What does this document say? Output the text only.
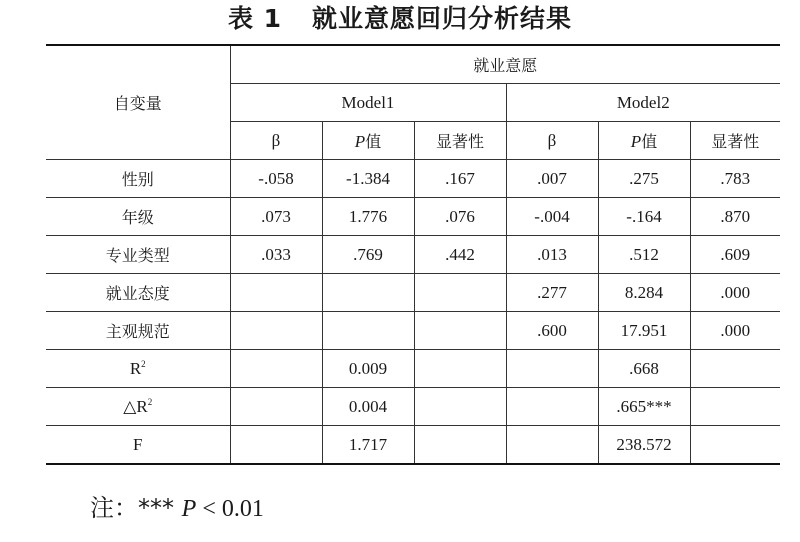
表 1 就业意愿回归分析结果
自变量	就业意愿					
	Model1			Model2		
	β	P值	显著性	β	P值	显著性
性别	-.058	-1.384	.167	.007	.275	.783
年级	.073	1.776	.076	-.004	-.164	.870
专业类型	.033	.769	.442	.013	.512	.609
就业态度				.277	8.284	.000
主观规范				.600	17.951	.000
$R^2$		0.009			.668	
$\triangle R^2$		0.004			.665***	
F		1.717			238.572	
注：*** P < 0.01
